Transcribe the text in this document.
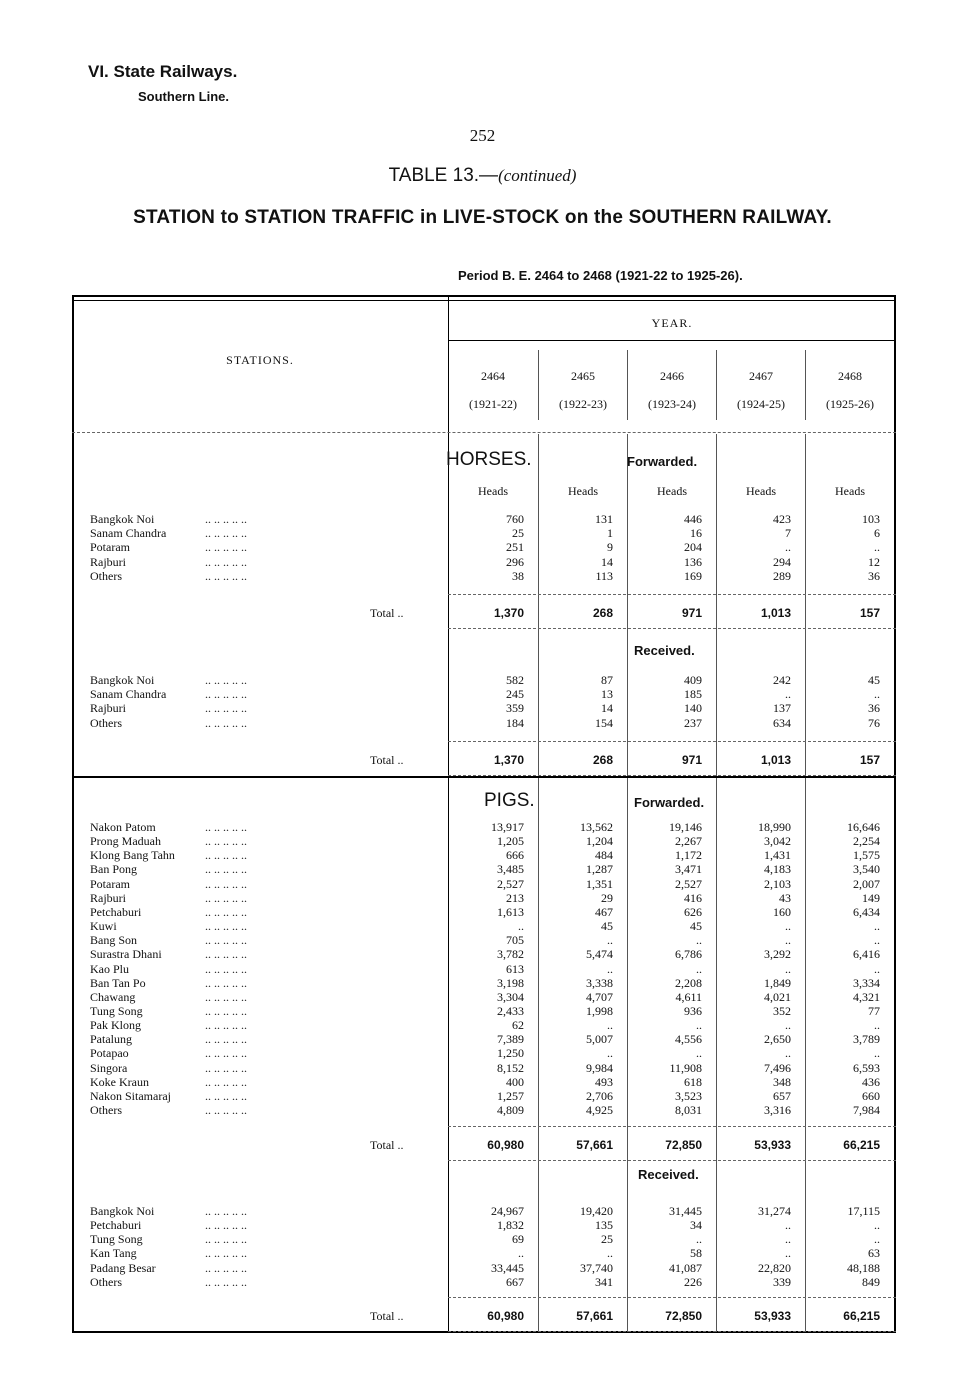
VI. State Railways.
Southern Line.
252
TABLE 13.—(continued)
STATION to STATION TRAFFIC in LIVE-STOCK on the SOUTHERN RAILWAY.
Period B. E. 2464 to 2468 (1921-22 to 1925-26).
YEAR.
STATIONS.
2464
(1921-22)
2465
(1922-23)
2466
(1923-24)
2467
(1924-25)
2468
(1925-26)
HORSES.	Forwarded.
Heads	Heads	Heads	Heads	Heads
Bangkok Noi	.. .. .. .. ..	760	131	446	423	103
Sanam Chandra	.. .. .. .. ..	25	1	16	7	6
Potaram	.. .. .. .. ..	251	9	204	..	..
Rajburi	.. .. .. .. ..	296	14	136	294	12
Others	.. .. .. .. ..	38	113	169	289	36
Total ..	1,370	268	971	1,013	157
Received.
Bangkok Noi	.. .. .. .. ..	582	87	409	242	45
Sanam Chandra	.. .. .. .. ..	245	13	185	..	..
Rajburi	.. .. .. .. ..	359	14	140	137	36
Others	.. .. .. .. ..	184	154	237	634	76
Total ..	1,370	268	971	1,013	157
PIGS.	Forwarded.
Nakon Patom	.. .. .. .. ..	13,917	13,562	19,146	18,990	16,646
Prong Maduah	.. .. .. .. ..	1,205	1,204	2,267	3,042	2,254
Klong Bang Tahn	.. .. .. .. ..	666	484	1,172	1,431	1,575
Ban Pong	.. .. .. .. ..	3,485	1,287	3,471	4,183	3,540
Potaram	.. .. .. .. ..	2,527	1,351	2,527	2,103	2,007
Rajburi	.. .. .. .. ..	213	29	416	43	149
Petchaburi	.. .. .. .. ..	1,613	467	626	160	6,434
Kuwi	.. .. .. .. ..	..	45	45	..	..
Bang Son	.. .. .. .. ..	705	..	..	..	..
Surastra Dhani	.. .. .. .. ..	3,782	5,474	6,786	3,292	6,416
Kao Plu	.. .. .. .. ..	613	..	..	..	..
Ban Tan Po	.. .. .. .. ..	3,198	3,338	2,208	1,849	3,334
Chawang	.. .. .. .. ..	3,304	4,707	4,611	4,021	4,321
Tung Song	.. .. .. .. ..	2,433	1,998	936	352	77
Pak Klong	.. .. .. .. ..	62	..	..	..	..
Patalung	.. .. .. .. ..	7,389	5,007	4,556	2,650	3,789
Potapao	.. .. .. .. ..	1,250	..	..	..	..
Singora	.. .. .. .. ..	8,152	9,984	11,908	7,496	6,593
Koke Kraun	.. .. .. .. ..	400	493	618	348	436
Nakon Sitamaraj	.. .. .. .. ..	1,257	2,706	3,523	657	660
Others	.. .. .. .. ..	4,809	4,925	8,031	3,316	7,984
Total ..	60,980	57,661	72,850	53,933	66,215
Received.
Bangkok Noi	.. .. .. .. ..	24,967	19,420	31,445	31,274	17,115
Petchaburi	.. .. .. .. ..	1,832	135	34	..	..
Tung Song	.. .. .. .. ..	69	25	..	..	..
Kan Tang	.. .. .. .. ..	..	..	58	..	63
Padang Besar	.. .. .. .. ..	33,445	37,740	41,087	22,820	48,188
Others	.. .. .. .. ..	667	341	226	339	849
Total ..	60,980	57,661	72,850	53,933	66,215
